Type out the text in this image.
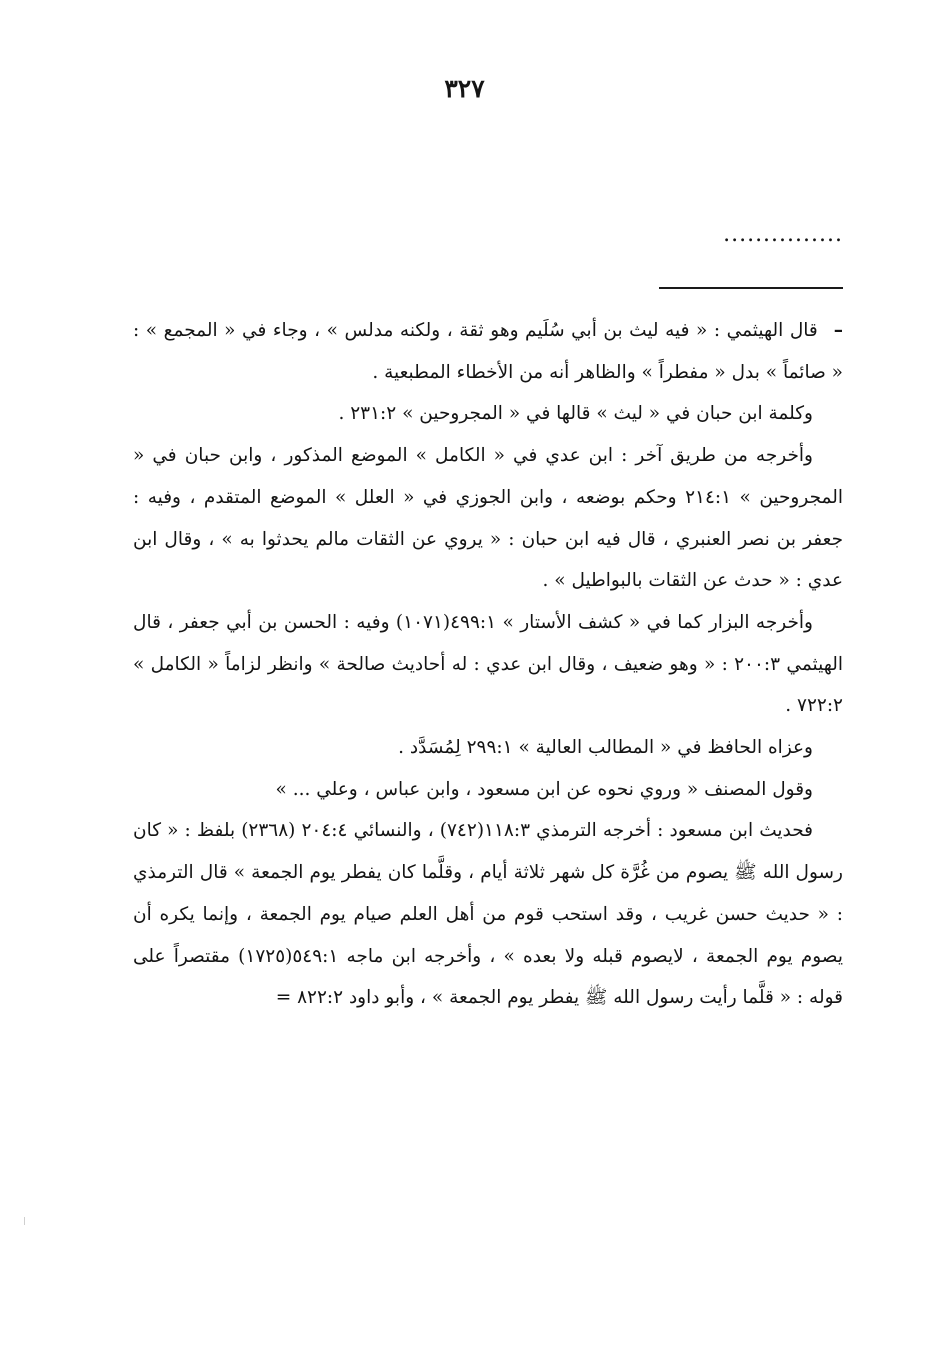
٣٢٧
...............

–قال الهيثمي : « فيه ليث بن أبي سُلَيم وهو ثقة ، ولكنه مدلس » ، وجاء في « المجمع » : « صائماً » بدل « مفطراً » والظاهر أنه من الأخطاء المطبعية .

وكلمة ابن حبان في « ليث » قالها في « المجروحين » ٢٣١:٢ .

وأخرجه من طريق آخر : ابن عدي في « الكامل » الموضع المذكور ، وابن حبان في « المجروحين » ٢١٤:١ وحكم بوضعه ، وابن الجوزي في « العلل » الموضع المتقدم ، وفيه : جعفر بن نصر العنبري ، قال فيه ابن حبان : « يروي عن الثقات مالم يحدثوا به » ، وقال ابن عدي : « حدث عن الثقات بالبواطيل » .

وأخرجه البزار كما في « كشف الأستار » ٤٩٩:١(١٠٧١) وفيه : الحسن بن أبي جعفر ، قال الهيثمي ٢٠٠:٣ : « وهو ضعيف ، وقال ابن عدي : له أحاديث صالحة » وانظر لزاماً « الكامل » ٧٢٢:٢ .

وعزاه الحافظ في « المطالب العالية » ٢٩٩:١ لِمُسَدَّد .

وقول المصنف « وروي نحوه عن ابن مسعود ، وابن عباس ، وعلي ... »

فحديث ابن مسعود : أخرجه الترمذي ١١٨:٣(٧٤٢) ، والنسائي ٢٠٤:٤ (٢٣٦٨) بلفظ : « كان رسول الله ﷺ يصوم من غُرَّة كل شهر ثلاثة أيام ، وقلَّما كان يفطر يوم الجمعة » قال الترمذي : « حديث حسن غريب ، وقد استحب قوم من أهل العلم صيام يوم الجمعة ، وإنما يكره أن يصوم يوم الجمعة ، لايصوم قبله ولا بعده » ، وأخرجه ابن ماجه ٥٤٩:١(١٧٢٥) مقتصراً على قوله : « قلَّما رأيت رسول الله ﷺ يفطر يوم الجمعة » ، وأبو داود ٨٢٢:٢ =
